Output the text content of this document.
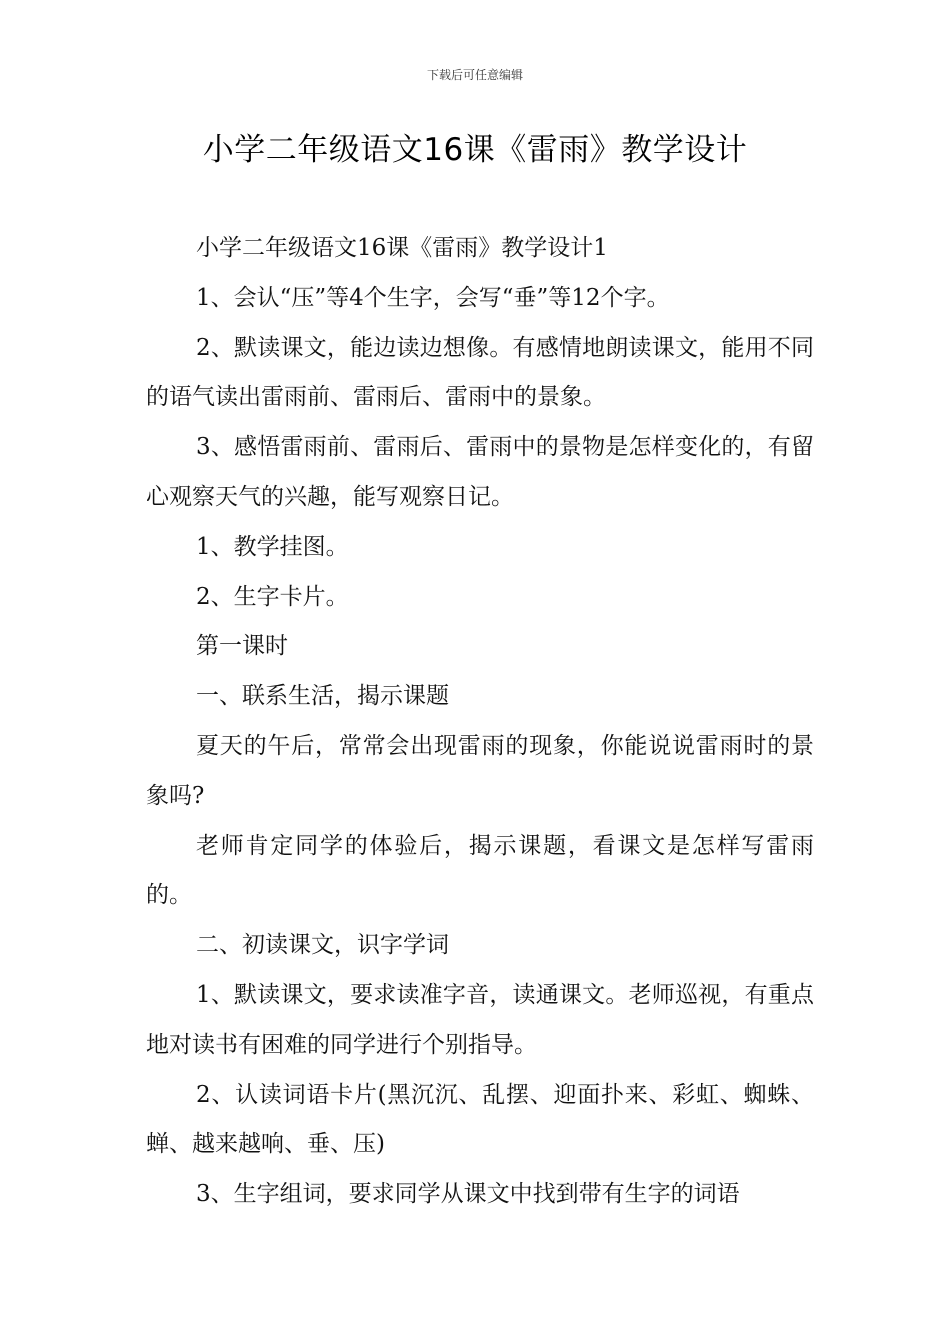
下载后可任意编辑
小学二年级语文16课《雷雨》教学设计

小学二年级语文16课《雷雨》教学设计1

1、会认“压”等4个生字，会写“垂”等12个字。

2、默读课文，能边读边想像。有感情地朗读课文，能用不同的语气读出雷雨前、雷雨后、雷雨中的景象。

3、感悟雷雨前、雷雨后、雷雨中的景物是怎样变化的，有留心观察天气的兴趣，能写观察日记。

1、教学挂图。

2、生字卡片。

第一课时

一、联系生活，揭示课题

夏天的午后，常常会出现雷雨的现象，你能说说雷雨时的景象吗?

老师肯定同学的体验后，揭示课题，看课文是怎样写雷雨的。

二、初读课文，识字学词

1、默读课文，要求读准字音，读通课文。老师巡视，有重点地对读书有困难的同学进行个别指导。

2、认读词语卡片(黑沉沉、乱摆、迎面扑来、彩虹、蜘蛛、蝉、越来越响、垂、压)

3、生字组词，要求同学从课文中找到带有生字的词语
